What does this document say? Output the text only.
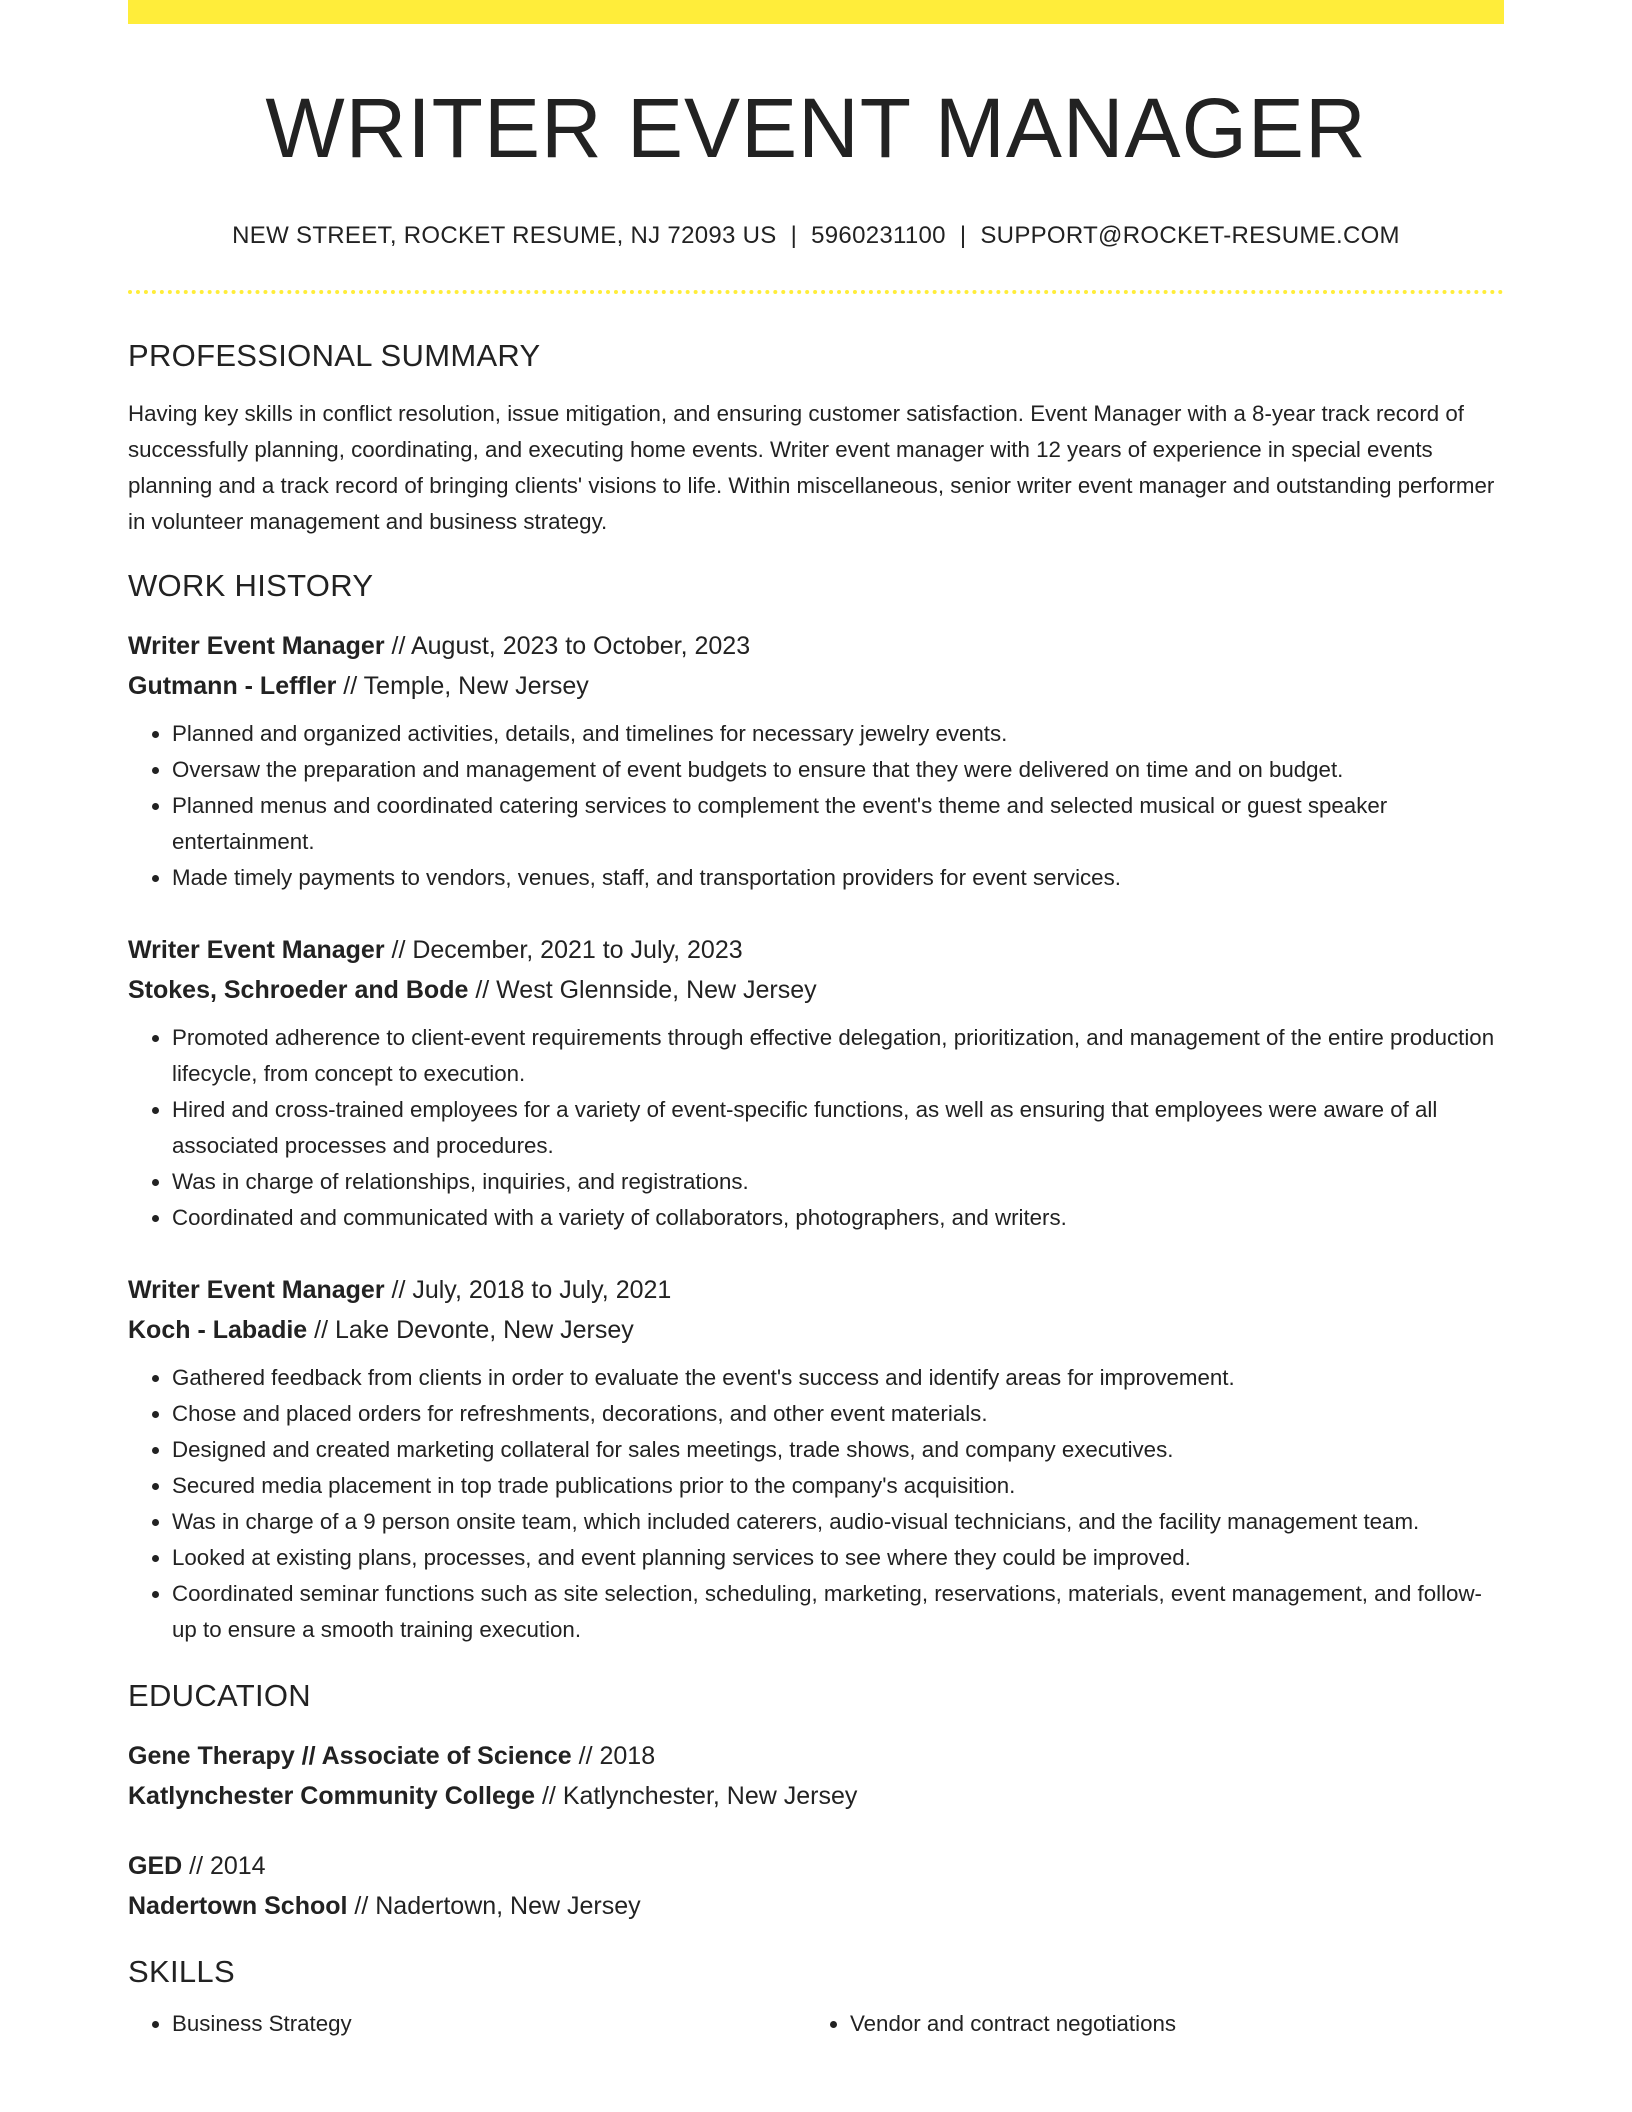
WRITER EVENT MANAGER
NEW STREET, ROCKET RESUME, NJ 72093 US | 5960231100 | SUPPORT@ROCKET-RESUME.COM
PROFESSIONAL SUMMARY

Having key skills in conflict resolution, issue mitigation, and ensuring customer satisfaction. Event Manager with a 8-year track record of successfully planning, coordinating, and executing home events. Writer event manager with 12 years of experience in special events planning and a track record of bringing clients' visions to life. Within miscellaneous, senior writer event manager and outstanding performer in volunteer management and business strategy.

WORK HISTORY
Writer Event Manager // August, 2023 to October, 2023
Gutmann - Leffler // Temple, New Jersey
• Planned and organized activities, details, and timelines for necessary jewelry events.
• Oversaw the preparation and management of event budgets to ensure that they were delivered on time and on budget.
• Planned menus and coordinated catering services to complement the event's theme and selected musical or guest speaker entertainment.
• Made timely payments to vendors, venues, staff, and transportation providers for event services.
Writer Event Manager // December, 2021 to July, 2023
Stokes, Schroeder and Bode // West Glennside, New Jersey
• Promoted adherence to client-event requirements through effective delegation, prioritization, and management of the entire production lifecycle, from concept to execution.
• Hired and cross-trained employees for a variety of event-specific functions, as well as ensuring that employees were aware of all associated processes and procedures.
• Was in charge of relationships, inquiries, and registrations.
• Coordinated and communicated with a variety of collaborators, photographers, and writers.
Writer Event Manager // July, 2018 to July, 2021
Koch - Labadie // Lake Devonte, New Jersey
• Gathered feedback from clients in order to evaluate the event's success and identify areas for improvement.
• Chose and placed orders for refreshments, decorations, and other event materials.
• Designed and created marketing collateral for sales meetings, trade shows, and company executives.
• Secured media placement in top trade publications prior to the company's acquisition.
• Was in charge of a 9 person onsite team, which included caterers, audio-visual technicians, and the facility management team.
• Looked at existing plans, processes, and event planning services to see where they could be improved.
• Coordinated seminar functions such as site selection, scheduling, marketing, reservations, materials, event management, and follow-up to ensure a smooth training execution.
EDUCATION
Gene Therapy // Associate of Science // 2018
Katlynchester Community College // Katlynchester, New Jersey
GED // 2014
Nadertown School // Nadertown, New Jersey
SKILLS
• Business Strategy
•	Vendor and contract negotiations
